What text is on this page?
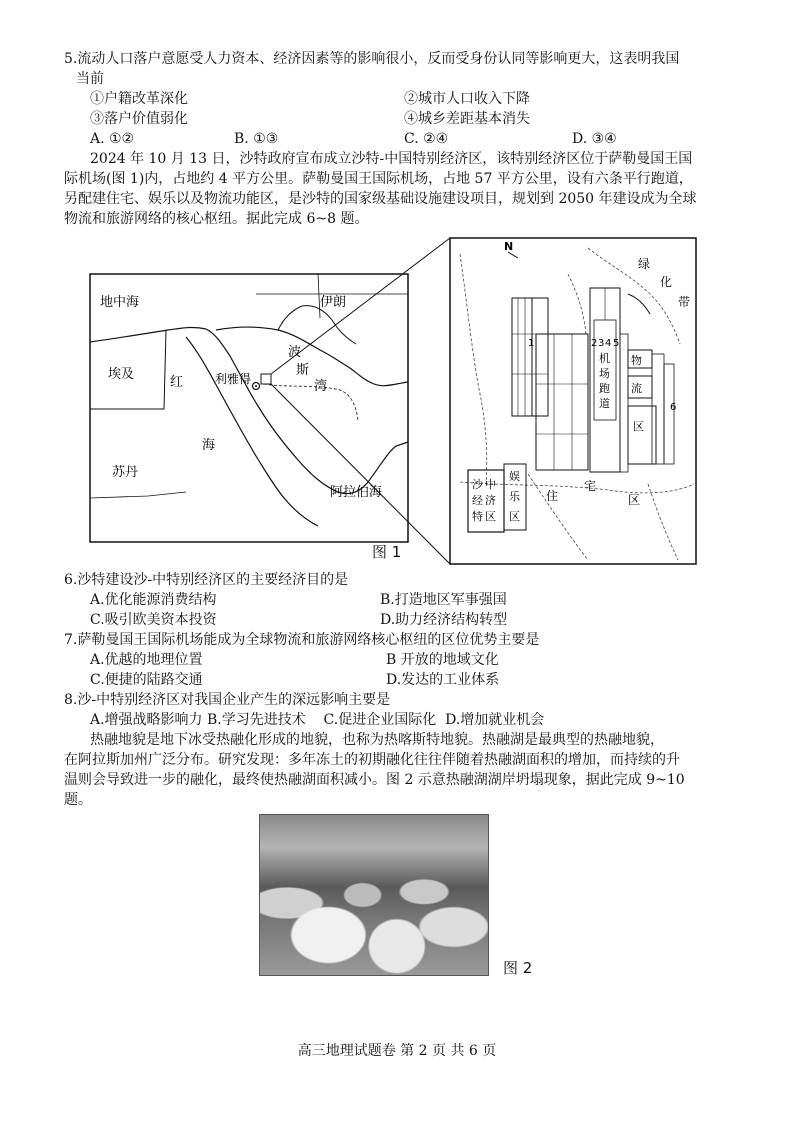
5.流动人口落户意愿受人力资本、经济因素等的影响很小，反而受身份认同等影响更大，这表明我国
当前
①户籍改革深化	②城市人口收入下降
③落户价值弱化	④城乡差距基本消失
A. ①②	B. ①③	C. ②④	D. ③④
2024 年 10 月 13 日，沙特政府宣布成立沙特-中国特别经济区，该特别经济区位于萨勒曼国王国
际机场(图 1)内，占地约 4 平方公里。萨勒曼国王国际机场，占地 57 平方公里，设有六条平行跑道，
另配建住宅、娱乐以及物流功能区，是沙特的国家级基础设施建设项目，规划到 2050 年建设成为全球
物流和旅游网络的核心枢纽。据此完成 6~8 题。
地中海	伊朗
埃及
苏丹
红
海
波
斯
湾
利雅得
阿拉伯海
N
绿
化
带
1	2 3 4 5
6
机
场
跑
道
物
流
区
沙 中
经 济
特 区
娱
乐
区
住
宅
区
图 1
6.沙特建设沙-中特别经济区的主要经济目的是
A.优化能源消费结构	B.打造地区军事强国
C.吸引欧美资本投资	D.助力经济结构转型
7.萨勒曼国王国际机场能成为全球物流和旅游网络核心枢纽的区位优势主要是
A.优越的地理位置	B 开放的地域文化
C.便捷的陆路交通	D.发达的工业体系
8.沙-中特别经济区对我国企业产生的深远影响主要是
A.增强战略影响力 B.学习先进技术    C.促进企业国际化  D.增加就业机会
热融地貌是地下冰受热融化形成的地貌，也称为热喀斯特地貌。热融湖是最典型的热融地貌，
在阿拉斯加州广泛分布。研究发现：多年冻土的初期融化往往伴随着热融湖面积的增加，而持续的升
温则会导致进一步的融化，最终使热融湖面积减小。图 2 示意热融湖湖岸坍塌现象，据此完成 9~10
题。
图 2
高三地理试题卷 第 2 页 共 6 页
